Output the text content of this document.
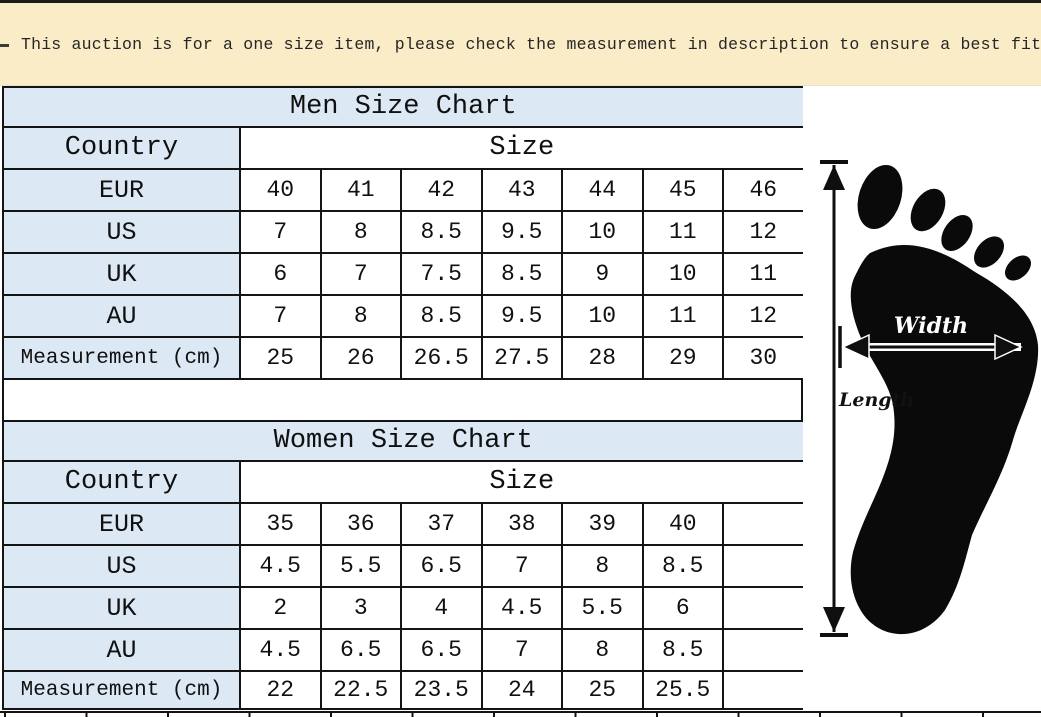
This auction is for a one size item, please check the measurement in description to ensure a best fit
Men Size Chart							
Country	Size						
EUR	40	41	42	43	44	45	46
US	7	8	8.5	9.5	10	11	12
UK	6	7	7.5	8.5	9	10	11
AU	7	8	8.5	9.5	10	11	12
Measurement (cm)	25	26	26.5	27.5	28	29	30
Women Size Chart							
Country	Size						
EUR	35	36	37	38	39	40	
US	4.5	5.5	6.5	7	8	8.5	
UK	2	3	4	4.5	5.5	6	
AU	4.5	6.5	6.5	7	8	8.5	
Measurement (cm)	22	22.5	23.5	24	25	25.5	
Width
Length
